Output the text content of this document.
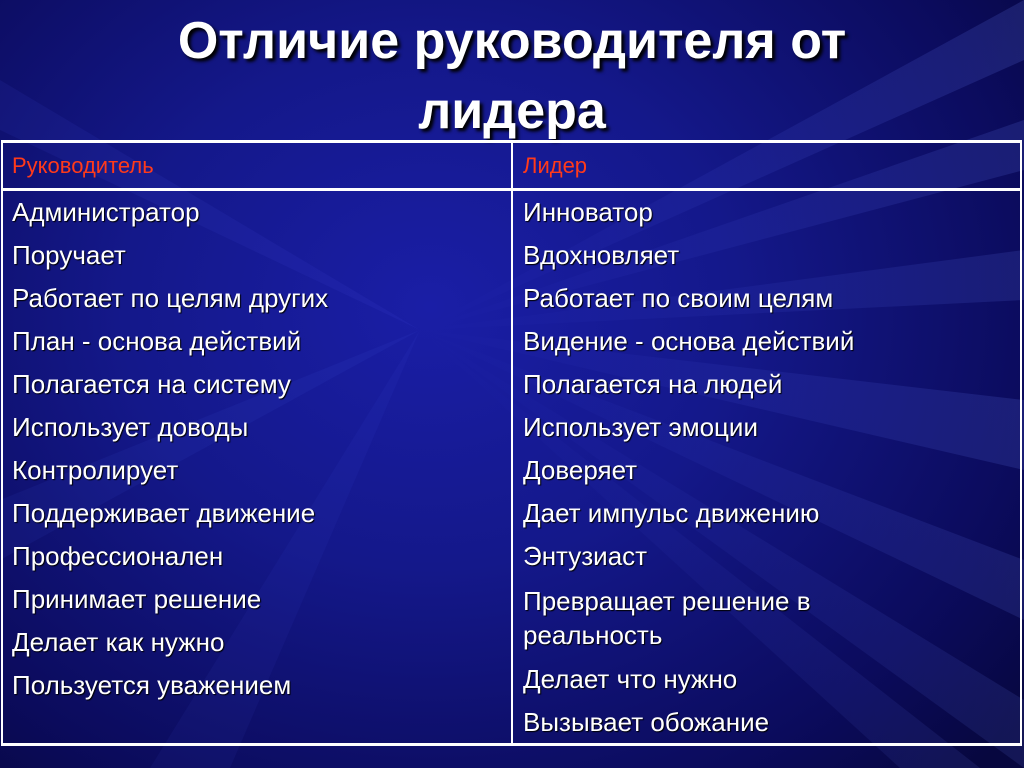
Отличие руководителя от
лидера
Руководитель	Лидер
Администратор
Поручает
Работает по целям других
План - основа действий
Полагается на систему
Использует доводы
Контролирует
Поддерживает движение
Профессионален
Принимает решение
Делает как нужно
Пользуется уважением
Инноватор
Вдохновляет
Работает по своим целям
Видение - основа действий
Полагается на людей
Использует эмоции
Доверяет
Дает импульс движению
Энтузиаст
Превращает решение в
реальность
Делает что нужно
Вызывает обожание
